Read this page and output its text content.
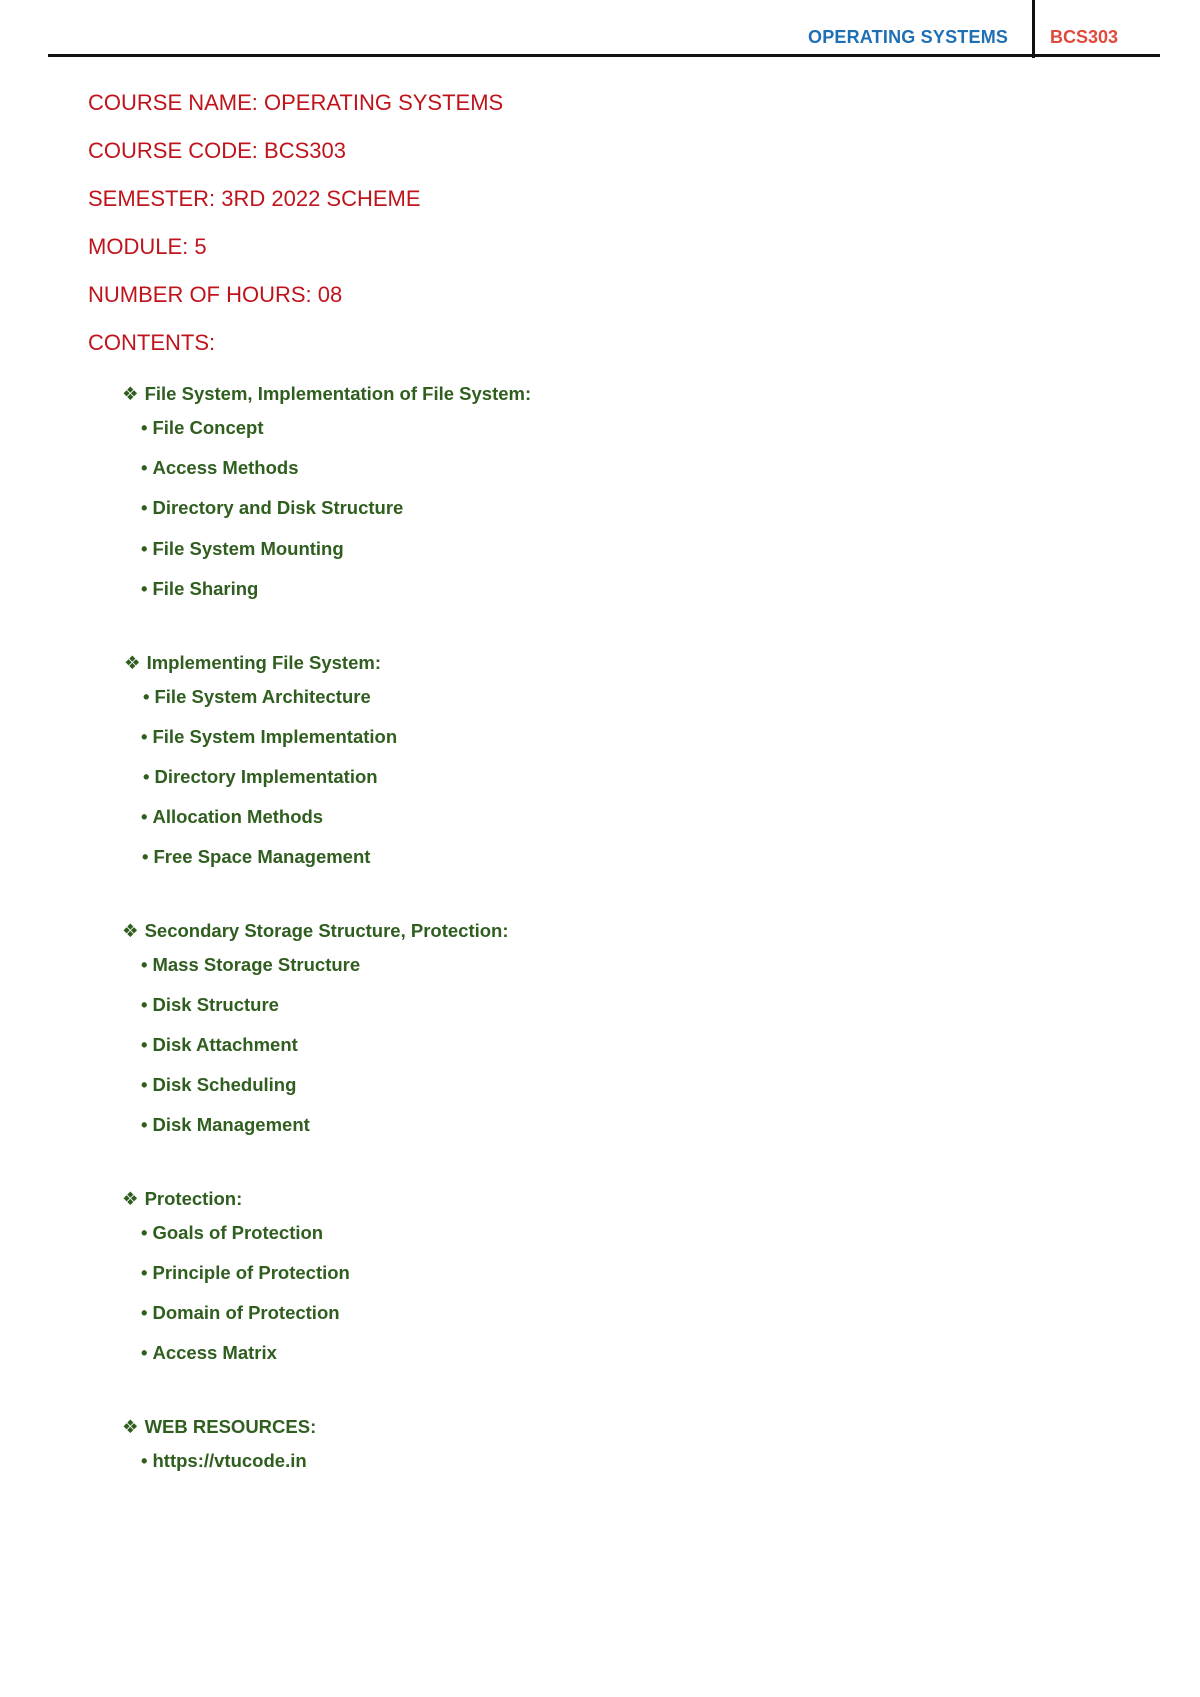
OPERATING SYSTEMS BCS303
COURSE NAME: OPERATING SYSTEMS
COURSE CODE: BCS303
SEMESTER: 3RD 2022 SCHEME
MODULE: 5
NUMBER OF HOURS: 08
CONTENTS:
❖ File System, Implementation of File System:
• File Concept
• Access Methods
• Directory and Disk Structure
• File System Mounting
• File Sharing
❖ Implementing File System:
• File System Architecture
• File System Implementation
• Directory Implementation
• Allocation Methods
• Free Space Management
❖ Secondary Storage Structure, Protection:
• Mass Storage Structure
• Disk Structure
• Disk Attachment
• Disk Scheduling
• Disk Management
❖ Protection:
• Goals of Protection
• Principle of Protection
• Domain of Protection
• Access Matrix
❖ WEB RESOURCES:
• https://vtucode.in
